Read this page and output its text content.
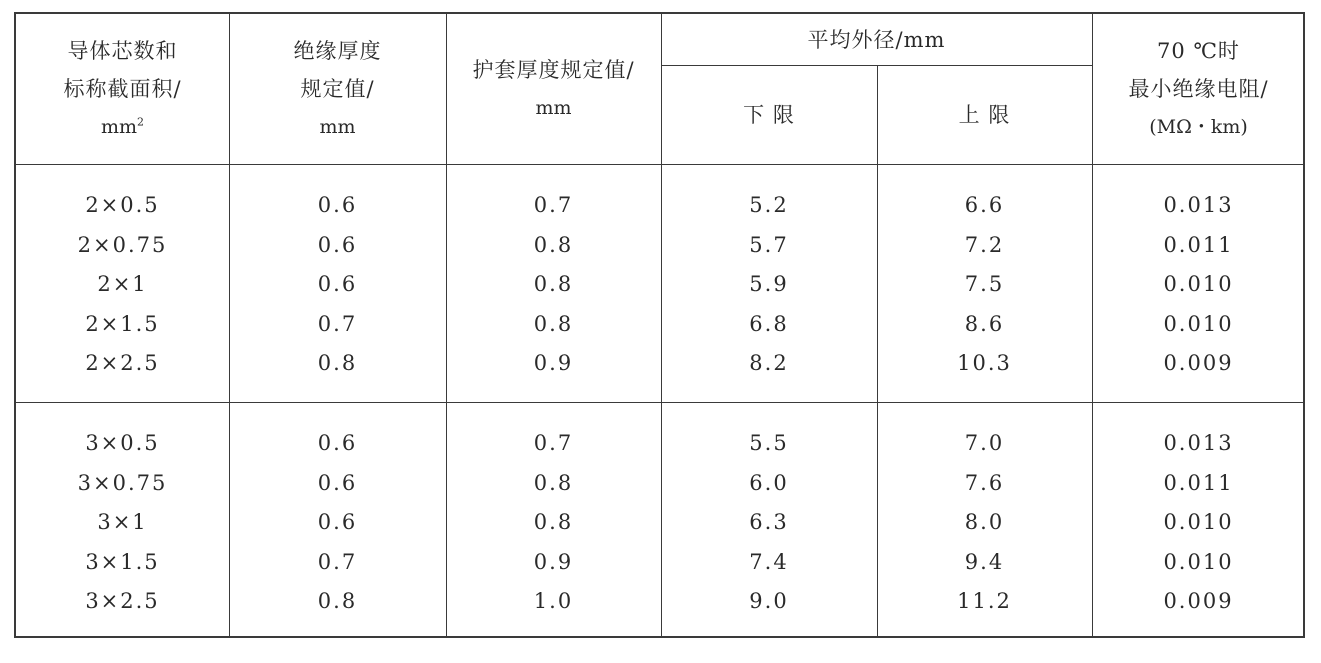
导体芯数和
标称截面积/
$mm^2$
绝缘厚度
规定值/
mm
护套厚度规定值/
mm
平均外径/mm
下 限	上 限
70 ℃时
最小绝缘电阻/
(MΩ・km)
2×0.5
2×0.75
2×1
2×1.5
2×2.5
0.6
0.6
0.6
0.7
0.8
0.7
0.8
0.8
0.8
0.9
5.2
5.7
5.9
6.8
8.2
6.6
7.2
7.5
8.6
10.3
0.013
0.011
0.010
0.010
0.009
3×0.5
3×0.75
3×1
3×1.5
3×2.5
0.6
0.6
0.6
0.7
0.8
0.7
0.8
0.8
0.9
1.0
5.5
6.0
6.3
7.4
9.0
7.0
7.6
8.0
9.4
11.2
0.013
0.011
0.010
0.010
0.009
